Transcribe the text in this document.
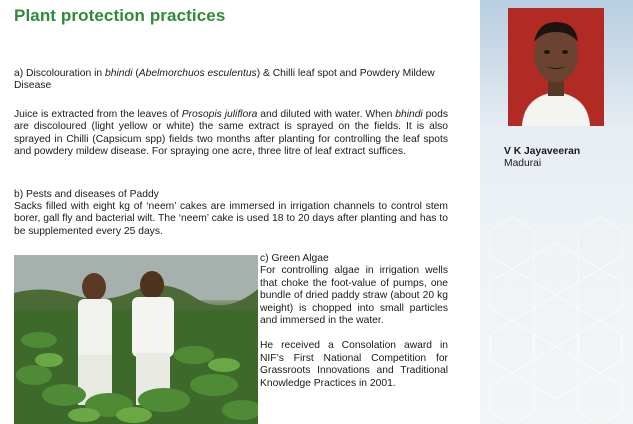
Plant protection practices
a) Discolouration in bhindi (Abelmorchuos esculentus) & Chilli leaf spot and Powdery Mildew Disease
Juice is extracted from the leaves of Prosopis juliflora and diluted with water. When bhindi pods are discoloured (light yellow or white) the same extract is sprayed on the fields. It is also sprayed in Chilli (Capsicum spp) fields two months after planting for controlling the leaf spots and powdery mildew disease. For spraying one acre, three litre of leaf extract suffices.
b) Pests and diseases of Paddy
Sacks filled with eight kg of ‘neem’ cakes are immersed in irrigation channels to control stem borer, gall fly and bacterial wilt. The ‘neem’ cake is used 18 to 20 days after planting and has to be supplemented every 25 days.
c) Green Algae
For controlling algae in irrigation wells that choke the foot-value of pumps, one bundle of dried paddy straw (about 20 kg weight) is chopped into small particles and immersed in the water.
He received a Consolation award in NIF’s First National Competition for Grassroots Innovations and Traditional Knowledge Practices in 2001.
V K Jayaveeran
Madurai
